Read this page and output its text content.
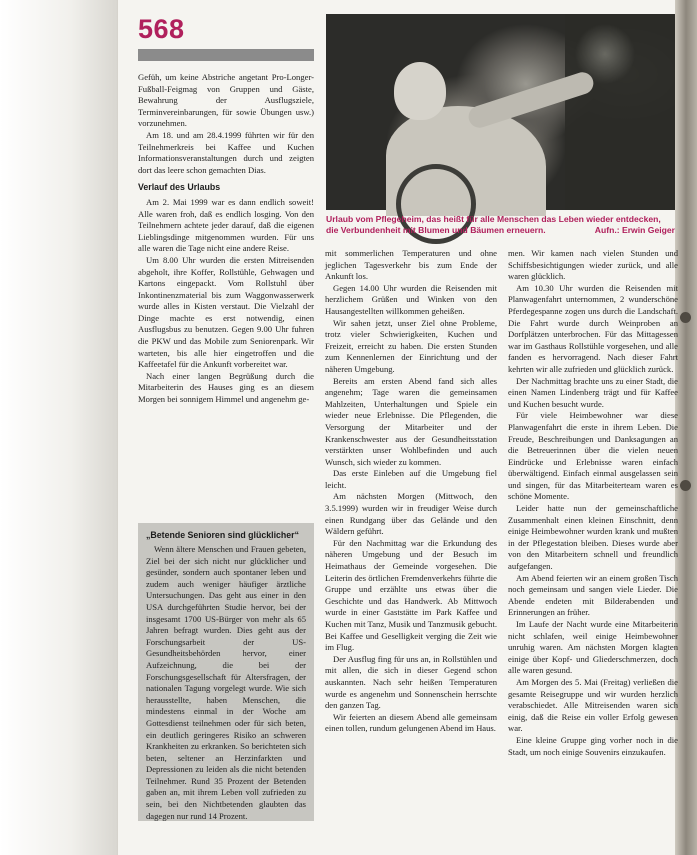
568

Gefüh, um keine Abstriche angetant Pro-Longer-Fußball-Feigmag von Gruppen und Gäste, Bewahrung der Ausflugsziele, Terminvereinbarungen, für sowie Übungen usw.) vorzunehmen.

Am 18. und am 28.4.1999 führten wir für den Teilnehmerkreis bei Kaffee und Kuchen Informationsveranstaltungen durch und zeigten dort das leere schon gemachten Dias.

Verlauf des Urlaubs

Am 2. Mai 1999 war es dann endlich soweit! Alle waren froh, daß es endlich losging. Von den Teilnehmern achtete jeder darauf, daß die eigenen Lieblingsdinge mitgenommen wurden. Für uns alle waren die Tage nicht eine andere Reise.

Um 8.00 Uhr wurden die ersten Mitreisenden abgeholt, ihre Koffer, Rollstühle, Gehwagen und Kartons eingepackt. Vom Rollstuhl über Inkontinenzmaterial bis zum Waggonwasserwerk wurde alles in Kisten verstaut. Die Vielzahl der Dinge machte es erst notwendig, einen Ausflugsbus zu benutzen. Gegen 9.00 Uhr fuhren die PKW und das Mobile zum Seniorenpark. Wir warteten, bis alle hier eingetroffen und die Kaffeetafel für die Ankunft vorbereitet war.

Nach einer langen Begrüßung durch die Mitarbeiterin des Hauses ging es an diesem Morgen bei sonnigem Himmel und angenehm ge-

Urlaub vom Pflegeheim, das heißt für alle Menschen das Leben wieder entdecken, die Verbundenheit mit Blumen und Bäumen erneuern.	Aufn.: Erwin Geiger

mit sommerlichen Temperaturen und ohne jeglichen Tagesverkehr bis zum Ende der Ankunft los.

Gegen 14.00 Uhr wurden die Reisenden mit herzlichem Grüßen und Winken von den Hausangestellten willkommen geheißen.

Wir sahen jetzt, unser Ziel ohne Probleme, trotz vieler Schwierigkeiten, Kuchen und Freizeit, erreicht zu haben. Die ersten Stunden zum Kennenlernen der Einrichtung und der näheren Umgebung.

Bereits am ersten Abend fand sich alles angenehm; Tage waren die gemeinsamen Mahlzeiten, Unterhaltungen und Spiele ein wieder neue Erlebnisse. Die Pflegenden, die Versorgung der Mitarbeiter und der Krankenschwester aus der Gesundheitsstation verstärkten unser Wohlbefinden und auch Wunsch, sich wieder zu kommen.

Das erste Einleben auf die Umgebung fiel leicht.

Am nächsten Morgen (Mittwoch, den 3.5.1999) wurden wir in freudiger Weise durch einen Rundgang über das Gelände und den Wäldern geführt.

Für den Nachmittag war die Erkundung des näheren Umgebung und der Besuch im Heimathaus der Gemeinde vorgesehen. Die Leiterin des örtlichen Fremdenverkehrs führte die Gruppe und erzählte uns etwas über die Geschichte und das Handwerk. Ab Mittwoch wurde in einer Gaststätte im Park Kaffee und Kuchen mit Tanz, Musik und Tanzmusik gebucht. Bei Kaffee und Geselligkeit verging die Zeit wie im Flug.

Der Ausflug fing für uns an, in Rollstühlen und mit allen, die sich in dieser Gegend schon auskannten. Nach sehr heißen Temperaturen wurde es angenehm und Sonnenschein herrschte den ganzen Tag.

Wir feierten an diesem Abend alle gemeinsam einen tollen, rundum gelungenen Abend im Haus.

men. Wir kamen nach vielen Stunden und Schiffsbesichtigungen wieder zurück, und alle waren glücklich.

Am 10.30 Uhr wurden die Reisenden mit Planwagenfahrt unternommen, 2 wunderschöne Pferdegespanne zogen uns durch die Landschaft. Die Fahrt wurde durch Weinproben an Dorfplätzen unterbrochen. Für das Mittagessen war im Gasthaus Rollstühle vorgesehen, und alle fanden es hervorragend. Nach dieser Fahrt kehrten wir alle zufrieden und glücklich zurück.

Der Nachmittag brachte uns zu einer Stadt, die einen Namen Lindenberg trägt und für Kaffee und Kuchen besucht wurde.

Für viele Heimbewohner war diese Planwagenfahrt die erste in ihrem Leben. Die Freude, Beschreibungen und Danksagungen an die Betreuerinnen über die vielen neuen Eindrücke und Erlebnisse waren einfach überwältigend. Einfach einmal ausgelassen sein und singen, für das Mitarbeiterteam waren es schöne Momente.

Leider hatte nun der gemeinschaftliche Zusammenhalt einen kleinen Einschnitt, denn einige Heimbewohner wurden krank und mußten in der Pflegestation bleiben. Dieses wurde aber von den Mitarbeitern schnell und freundlich aufgefangen.

Am Abend feierten wir an einem großen Tisch noch gemeinsam und sangen viele Lieder. Die Abende endeten mit Bilderabenden und Erinnerungen an früher.

Im Laufe der Nacht wurde eine Mitarbeiterin nicht schlafen, weil einige Heimbewohner unruhig waren. Am nächsten Morgen klagten einige über Kopf- und Gliederschmerzen, doch alle waren gesund.

Am Morgen des 5. Mai (Freitag) verließen die gesamte Reisegruppe und wir wurden herzlich verabschiedet. Alle Mitreisenden waren sich einig, daß die Reise ein voller Erfolg gewesen war.

Eine kleine Gruppe ging vorher noch in die Stadt, um noch einige Souvenirs einzukaufen.

„Betende Senioren sind glücklicher“

Wenn ältere Menschen und Frauen gebeten, Ziel bei der sich nicht nur glücklicher und gesünder, sondern auch spontaner leben und zudem auch weniger häufiger ärztliche Untersuchungen. Das geht aus einer in den USA durchgeführten Studie hervor, bei der insgesamt 1700 US-Bürger von mehr als 65 Jahren befragt wurden. Dies geht aus der Forschungsarbeit der US-Gesundheitsbehörden hervor, einer Aufzeichnung, die bei der Forschungsgesellschaft für Altersfragen, der nationalen Tagung vorgelegt wurde. Wie sich herausstellte, haben Menschen, die mindestens einmal in der Woche am Gottesdienst teilnehmen oder für sich beten, ein deutlich geringeres Risiko an schweren Krankheiten zu erkranken. So berichteten sich beten, seltener an Herzinfarkten und Depressionen zu leiden als die nicht betenden Teilnehmer. Rund 35 Prozent der Betenden gaben an, mit ihrem Leben voll zufrieden zu sein, bei den Nichtbetenden glaubten das dagegen nur rund 14 Prozent.
